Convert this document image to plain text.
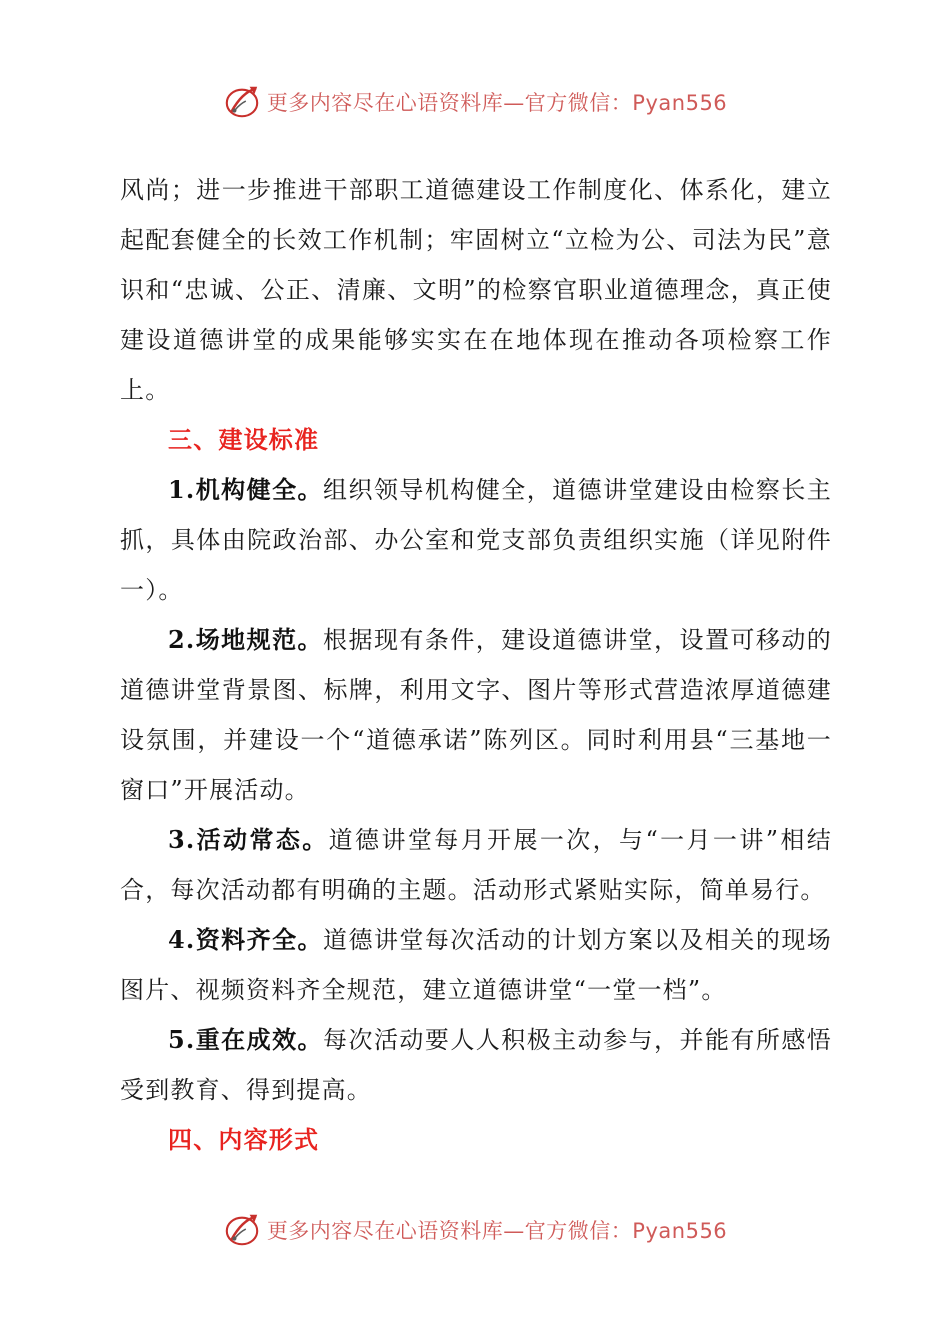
更多内容尽在心语资料库—官方微信：Pyan556

风尚；进一步推进干部职工道德建设工作制度化、体系化，建立起配套健全的长效工作机制；牢固树立“立检为公、司法为民”意识和“忠诚、公正、清廉、文明”的检察官职业道德理念，真正使建设道德讲堂的成果能够实实在在地体现在推动各项检察工作上。

三、建设标准

1.机构健全。组织领导机构健全，道德讲堂建设由检察长主抓，具体由院政治部、办公室和党支部负责组织实施（详见附件一）。

2.场地规范。根据现有条件，建设道德讲堂，设置可移动的道德讲堂背景图、标牌，利用文字、图片等形式营造浓厚道德建设氛围，并建设一个“道德承诺”陈列区。同时利用县“三基地一窗口”开展活动。

3.活动常态。道德讲堂每月开展一次，与“一月一讲”相结合，每次活动都有明确的主题。活动形式紧贴实际，简单易行。

4.资料齐全。道德讲堂每次活动的计划方案以及相关的现场图片、视频资料齐全规范，建立道德讲堂“一堂一档”。

5.重在成效。每次活动要人人积极主动参与，并能有所感悟受到教育、得到提高。

四、内容形式

更多内容尽在心语资料库—官方微信：Pyan556
